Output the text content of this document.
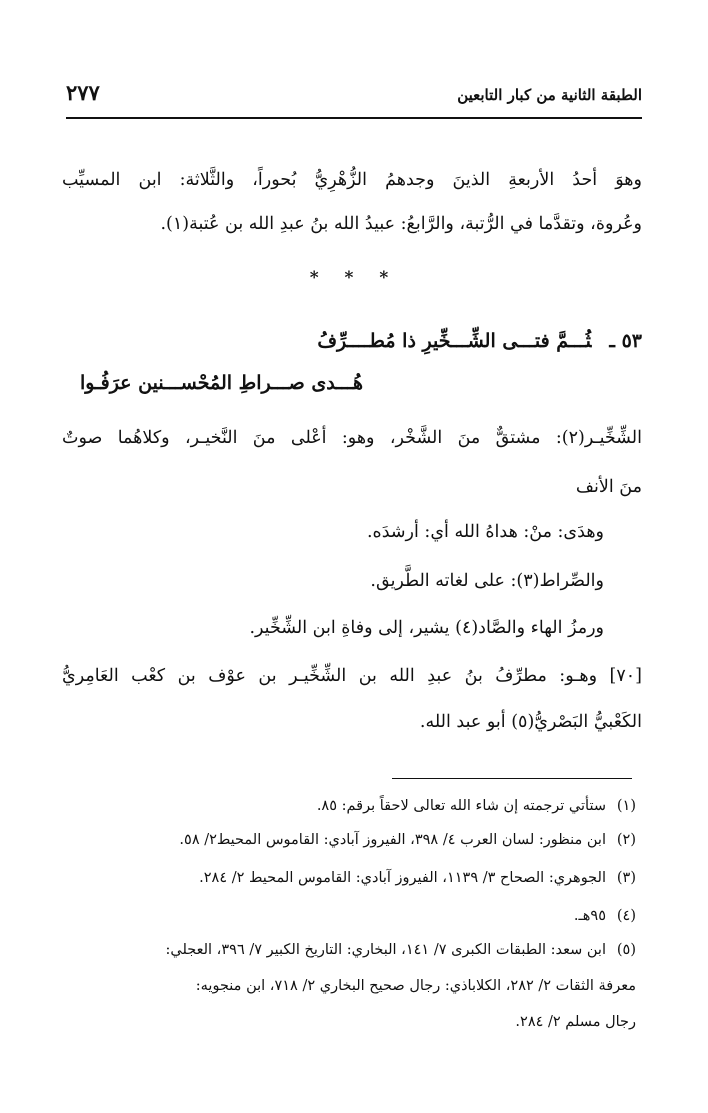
الطبقة الثانية من كبار التابعين
٢٧٧
وهوَ أحدُ الأربعةِ الذينَ وجدهمُ الزُّهْرِيُّ بُحوراً، والثَّلاثة: ابن المسيِّب
وعُروة، وتقدَّما في الرُّتبة، والرَّابعُ: عبيدُ الله بنُ عبدِ الله بن عُتبة(١).
* * *
٥٣ ـثُـــمَّ فتـــى الشِّـــخِّيرِ ذا مُطــــرِّفُ
هُـــدى صـــراطِ المُحْســـنين عرَفُـوا
الشِّخِّيـر(٢): مشتقٌّ منَ الشَّخْر، وهو: أعْلى منَ النَّخيـر، وكلاهُما صوتٌ
منَ الأنف
وهدَى: منْ: هداهُ الله أي: أرشدَه.
والصِّراط(٣): على لغاته الطَّريق.
ورمزُ الهاء والصَّاد(٤) يشير، إلى وفاةِ ابن الشِّخِّير.
[٧٠] وهـو: مطرِّفُ بنُ عبدِ الله بن الشِّخِّيـر بن عوْف بن كعْب العَامِريُّ
الكَعْبيُّ البَصْريُّ(٥) أبو عبد الله.
(١)ستأتي ترجمته إن شاء الله تعالى لاحقاً برقم: ٨٥.
(٢)ابن منظور: لسان العرب ٤/ ٣٩٨، الفيروز آبادي: القاموس المحيط٢/ ٥٨.
(٣)الجوهري: الصحاح ٣/ ١١٣٩، الفيروز آبادي: القاموس المحيط ٢/ ٢٨٤.
(٤)٩٥هـ.
(٥)ابن سعد: الطبقات الكبرى ٧/ ١٤١، البخاري: التاريخ الكبير ٧/ ٣٩٦، العجلي:
معرفة الثقات ٢/ ٢٨٢، الكلاباذي: رجال صحيح البخاري ٢/ ٧١٨، ابن منجويه:
رجال مسلم ٢/ ٢٨٤.
